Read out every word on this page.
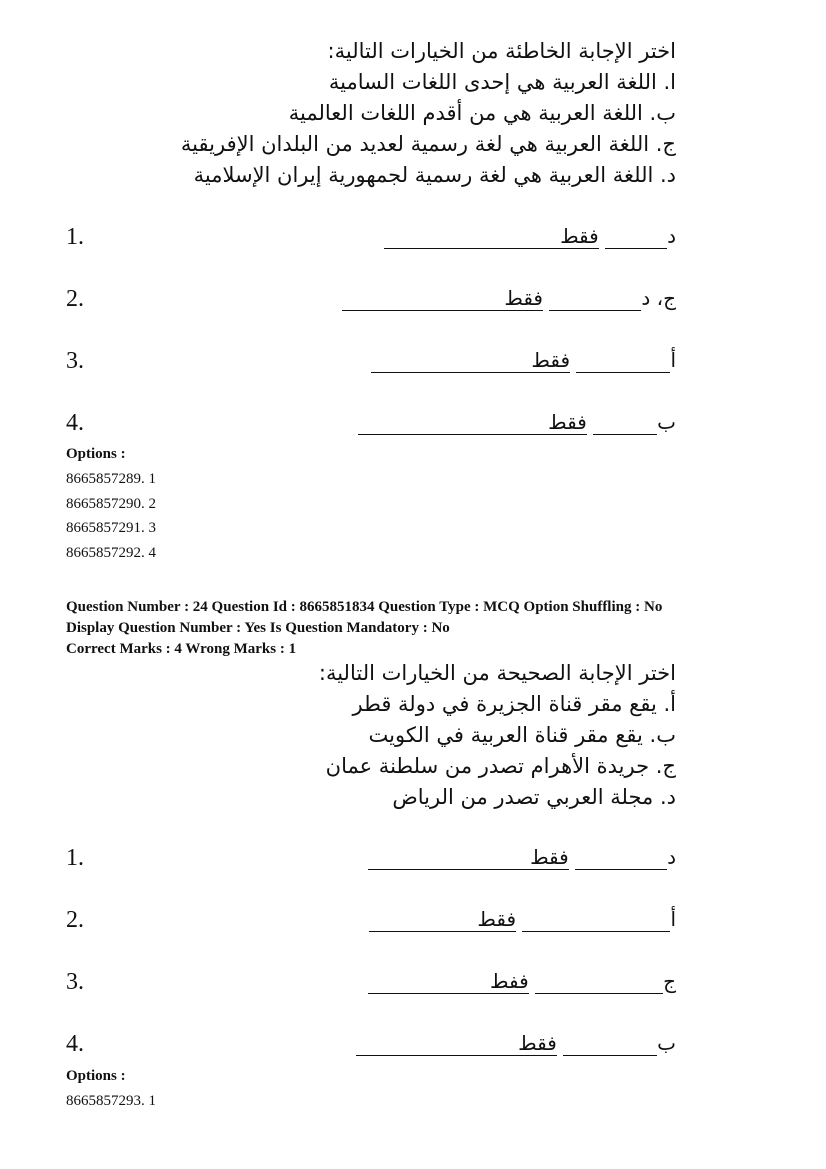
اختر الإجابة الخاطئة من الخيارات التالية:
ا. اللغة العربية هي إحدى اللغات السامية
ب. اللغة العربية هي من أقدم اللغات العالمية
ج. اللغة العربية هي لغة رسمية لعديد من البلدان الإفريقية
د. اللغة العربية هي لغة رسمية لجمهورية إيران الإسلامية
1.	د فقط
2.	ج، د فقط
3.	أ فقط
4.	ب فقط
Options :
8665857289. 1
8665857290. 2
8665857291. 3
8665857292. 4
Question Number : 24 Question Id : 8665851834 Question Type : MCQ Option Shuffling : No
Display Question Number : Yes Is Question Mandatory : No
Correct Marks : 4 Wrong Marks : 1
اختر الإجابة الصحيحة من الخيارات التالية:
أ. يقع مقر قناة الجزيرة في دولة قطر
ب. يقع مقر قناة العربية في الكويت
ج. جريدة الأهرام تصدر من سلطنة عمان
د. مجلة العربي تصدر من الرياض
1.	د فقط
2.	أ فقط
3.	ج ففط
4.	ب فقط
Options :
8665857293. 1
